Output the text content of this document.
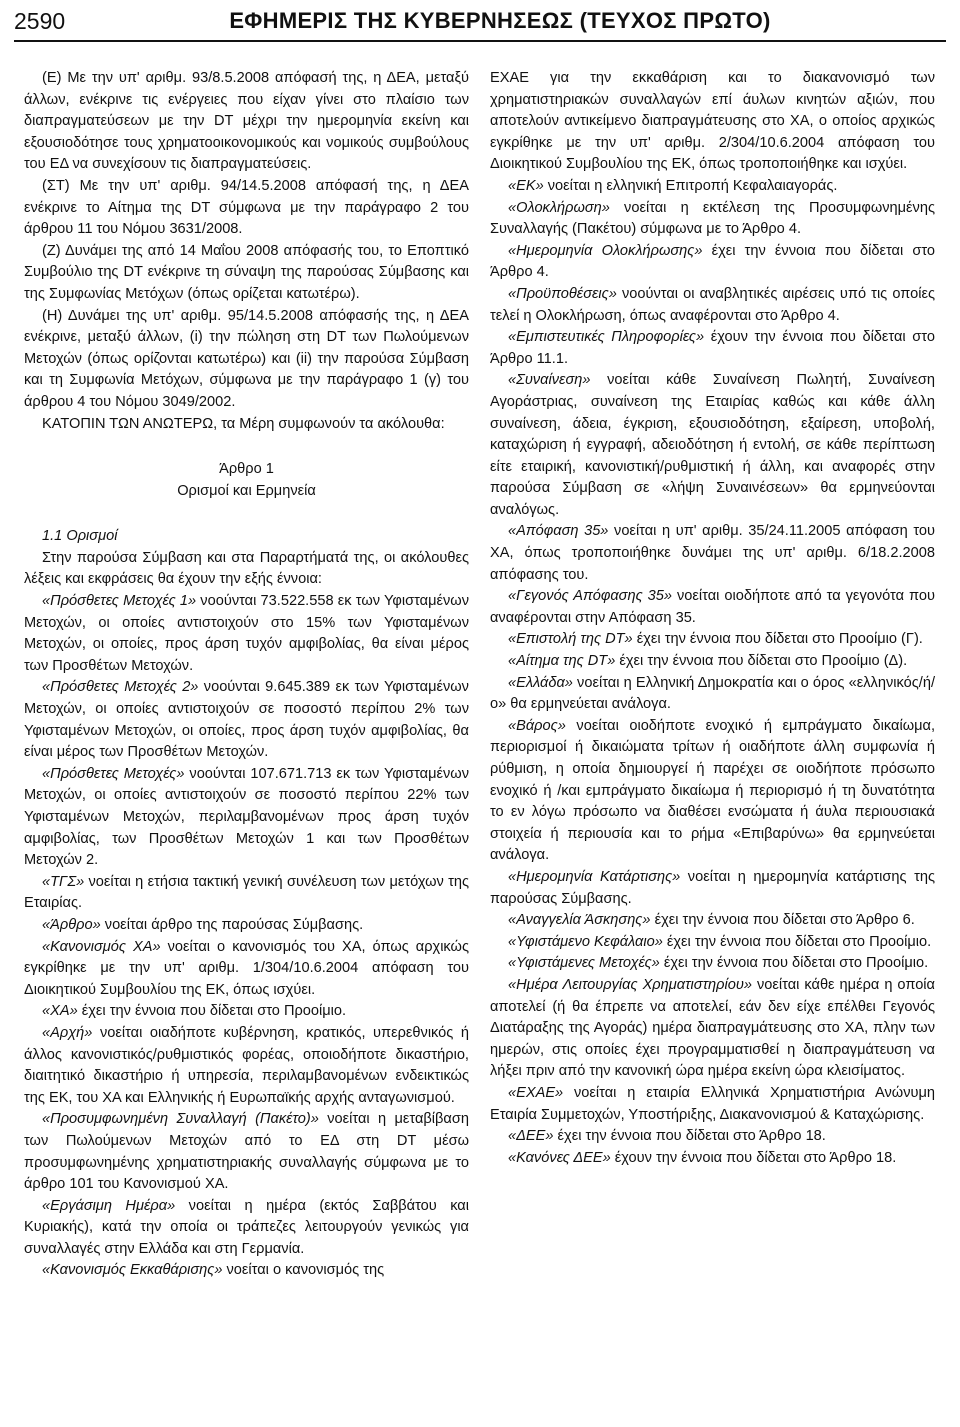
2590	ΕΦΗΜΕΡΙΣ ΤΗΣ ΚΥΒΕΡΝΗΣΕΩΣ (ΤΕΥΧΟΣ ΠΡΩΤΟ)

(Ε) Με την υπ' αριθμ. 93/8.5.2008 απόφασή της, η ΔΕΑ, μεταξύ άλλων, ενέκρινε τις ενέργειες που είχαν γίνει στο πλαίσιο των διαπραγματεύσεων με την DT μέχρι την ημερομηνία εκείνη και εξουσιοδότησε τους χρηματοοικονομικούς και νομικούς συμβούλους του ΕΔ να συνεχίσουν τις διαπραγματεύσεις.

(ΣΤ) Με την υπ' αριθμ. 94/14.5.2008 απόφασή της, η ΔΕΑ ενέκρινε το Αίτημα της DT σύμφωνα με την παράγραφο 2 του άρθρου 11 του Νόμου 3631/2008.

(Ζ) Δυνάμει της από 14 Μαΐου 2008 απόφασής του, το Εποπτικό Συμβούλιο της DT ενέκρινε τη σύναψη της παρούσας Σύμβασης και της Συμφωνίας Μετόχων (όπως ορίζεται κατωτέρω).

(Η) Δυνάμει της υπ' αριθμ. 95/14.5.2008 απόφασής της, η ΔΕΑ ενέκρινε, μεταξύ άλλων, (i) την πώληση στη DT των Πωλούμενων Μετοχών (όπως ορίζονται κατωτέρω) και (ii) την παρούσα Σύμβαση και τη Συμφωνία Μετόχων, σύμφωνα με την παράγραφο 1 (γ) του άρθρου 4 του Νόμου 3049/2002.

ΚΑΤΟΠΙΝ ΤΩΝ ΑΝΩΤΕΡΩ, τα Μέρη συμφωνούν τα ακόλουθα:

Άρθρο 1

Ορισμοί και Ερμηνεία

1.1 Ορισμοί

Στην παρούσα Σύμβαση και στα Παραρτήματά της, οι ακόλουθες λέξεις και εκφράσεις θα έχουν την εξής έννοια:

«Πρόσθετες Μετοχές 1» νοούνται 73.522.558 εκ των Υφισταμένων Μετοχών, οι οποίες αντιστοιχούν στο 15% των Υφισταμένων Μετοχών, οι οποίες, προς άρση τυχόν αμφιβολίας, θα είναι μέρος των Προσθέτων Μετοχών.

«Πρόσθετες Μετοχές 2» νοούνται 9.645.389 εκ των Υφισταμένων Μετοχών, οι οποίες αντιστοιχούν σε ποσοστό περίπου 2% των Υφισταμένων Μετοχών, οι οποίες, προς άρση τυχόν αμφιβολίας, θα είναι μέρος των Προσθέτων Μετοχών.

«Πρόσθετες Μετοχές» νοούνται 107.671.713 εκ των Υφισταμένων Μετοχών, οι οποίες αντιστοιχούν σε ποσοστό περίπου 22% των Υφισταμένων Μετοχών, περιλαμβανομένων προς άρση τυχόν αμφιβολίας, των Προσθέτων Μετοχών 1 και των Προσθέτων Μετοχών 2.

«ΤΓΣ» νοείται η ετήσια τακτική γενική συνέλευση των μετόχων της Εταιρίας.

«Άρθρο» νοείται άρθρο της παρούσας Σύμβασης.

«Κανονισμός ΧΑ» νοείται ο κανονισμός του ΧΑ, όπως αρχικώς εγκρίθηκε με την υπ' αριθμ. 1/304/10.6.2004 απόφαση του Διοικητικού Συμβουλίου της ΕΚ, όπως ισχύει.

«ΧΑ» έχει την έννοια που δίδεται στο Προοίμιο.

«Αρχή» νοείται οιαδήποτε κυβέρνηση, κρατικός, υπερεθνικός ή άλλος κανονιστικός/ρυθμιστικός φορέας, οποιοδήποτε δικαστήριο, διαιτητικό δικαστήριο ή υπηρεσία, περιλαμβανομένων ενδεικτικώς της ΕΚ, του ΧΑ και Ελληνικής ή Ευρωπαϊκής αρχής ανταγωνισμού.

«Προσυμφωνημένη Συναλλαγή (Πακέτο)» νοείται η μεταβίβαση των Πωλούμενων Μετοχών από το ΕΔ στη DT μέσω προσυμφωνημένης χρηματιστηριακής συναλλαγής σύμφωνα με το άρθρο 101 του Κανονισμού ΧΑ.

«Εργάσιμη Ημέρα» νοείται η ημέρα (εκτός Σαββάτου και Κυριακής), κατά την οποία οι τράπεζες λειτουργούν γενικώς για συναλλαγές στην Ελλάδα και στη Γερμανία.

«Κανονισμός Εκκαθάρισης» νοείται ο κανονισμός της

ΕΧΑΕ για την εκκαθάριση και το διακανονισμό των χρηματιστηριακών συναλλαγών επί άυλων κινητών αξιών, που αποτελούν αντικείμενο διαπραγμάτευσης στο ΧΑ, ο οποίος αρχικώς εγκρίθηκε με την υπ' αριθμ. 2/304/10.6.2004 απόφαση του Διοικητικού Συμβουλίου της ΕΚ, όπως τροποποιήθηκε και ισχύει.

«ΕΚ» νοείται η ελληνική Επιτροπή Κεφαλαιαγοράς.

«Ολοκλήρωση» νοείται η εκτέλεση της Προσυμφωνημένης Συναλλαγής (Πακέτου) σύμφωνα με το Άρθρο 4.

«Ημερομηνία Ολοκλήρωσης» έχει την έννοια που δίδεται στο Άρθρο 4.

«Προϋποθέσεις» νοούνται οι αναβλητικές αιρέσεις υπό τις οποίες τελεί η Ολοκλήρωση, όπως αναφέρονται στο Άρθρο 4.

«Εμπιστευτικές Πληροφορίες» έχουν την έννοια που δίδεται στο Άρθρο 11.1.

«Συναίνεση» νοείται κάθε Συναίνεση Πωλητή, Συναίνεση Αγοράστριας, συναίνεση της Εταιρίας καθώς και κάθε άλλη συναίνεση, άδεια, έγκριση, εξουσιοδότηση, εξαίρεση, υποβολή, καταχώριση ή εγγραφή, αδειοδότηση ή εντολή, σε κάθε περίπτωση είτε εταιρική, κανονιστική/ρυθμιστική ή άλλη, και αναφορές στην παρούσα Σύμβαση σε «λήψη Συναινέσεων» θα ερμηνεύονται αναλόγως.

«Απόφαση 35» νοείται η υπ' αριθμ. 35/24.11.2005 απόφαση του ΧΑ, όπως τροποποιήθηκε δυνάμει της υπ' αριθμ. 6/18.2.2008 απόφασης του.

«Γεγονός Απόφασης 35» νοείται οιοδήποτε από τα γεγονότα που αναφέρονται στην Απόφαση 35.

«Επιστολή της DT» έχει την έννοια που δίδεται στο Προοίμιο (Γ).

«Αίτημα της DT» έχει την έννοια που δίδεται στο Προοίμιο (Δ).

«Ελλάδα» νοείται η Ελληνική Δημοκρατία και ο όρος «ελληνικός/ή/ο» θα ερμηνεύεται ανάλογα.

«Βάρος» νοείται οιοδήποτε ενοχικό ή εμπράγματο δικαίωμα, περιορισμοί ή δικαιώματα τρίτων ή οιαδήποτε άλλη συμφωνία ή ρύθμιση, η οποία δημιουργεί ή παρέχει σε οιοδήποτε πρόσωπο ενοχικό ή /και εμπράγματο δικαίωμα ή περιορισμό ή τη δυνατότητα το εν λόγω πρόσωπο να διαθέσει ενσώματα ή άυλα περιουσιακά στοιχεία ή περιουσία και το ρήμα «Επιβαρύνω» θα ερμηνεύεται ανάλογα.

«Ημερομηνία Κατάρτισης» νοείται η ημερομηνία κατάρτισης της παρούσας Σύμβασης.

«Αναγγελία Άσκησης» έχει την έννοια που δίδεται στο Άρθρο 6.

«Υφιστάμενο Κεφάλαιο» έχει την έννοια που δίδεται στο Προοίμιο.

«Υφιστάμενες Μετοχές» έχει την έννοια που δίδεται στο Προοίμιο.

«Ημέρα Λειτουργίας Χρηματιστηρίου» νοείται κάθε ημέρα η οποία αποτελεί (ή θα έπρεπε να αποτελεί, εάν δεν είχε επέλθει Γεγονός Διατάραξης της Αγοράς) ημέρα διαπραγμάτευσης στο ΧΑ, πλην των ημερών, στις οποίες έχει προγραμματισθεί η διαπραγμάτευση να λήξει πριν από την κανονική ώρα ημέρα εκείνη ώρα κλεισίματος.

«ΕΧΑΕ» νοείται η εταιρία Ελληνικά Χρηματιστήρια Ανώνυμη Εταιρία Συμμετοχών, Υποστήριξης, Διακανονισμού & Καταχώρισης.

«ΔΕΕ» έχει την έννοια που δίδεται στο Άρθρο 18.

«Κανόνες ΔΕΕ» έχουν την έννοια που δίδεται στο Άρθρο 18.
